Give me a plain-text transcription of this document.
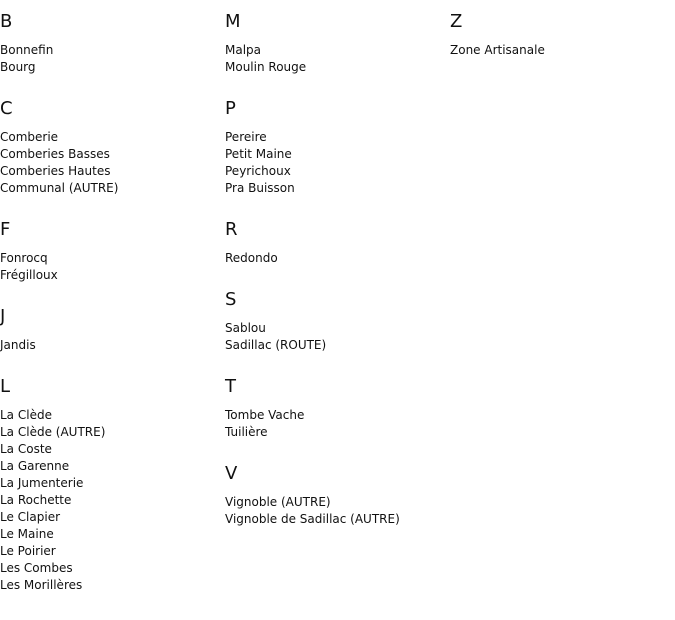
B
Bonnefin
Bourg
C
Comberie
Comberies Basses
Comberies Hautes
Communal (AUTRE)
F
Fonrocq
Frégilloux
J
Jandis
L
La Clède
La Clède (AUTRE)
La Coste
La Garenne
La Jumenterie
La Rochette
Le Clapier
Le Maine
Le Poirier
Les Combes
Les Morillères
M
Malpa
Moulin Rouge
P
Pereire
Petit Maine
Peyrichoux
Pra Buisson
R
Redondo
S
Sablou
Sadillac (ROUTE)
T
Tombe Vache
Tuilière
V
Vignoble (AUTRE)
Vignoble de Sadillac (AUTRE)
Z
Zone Artisanale
